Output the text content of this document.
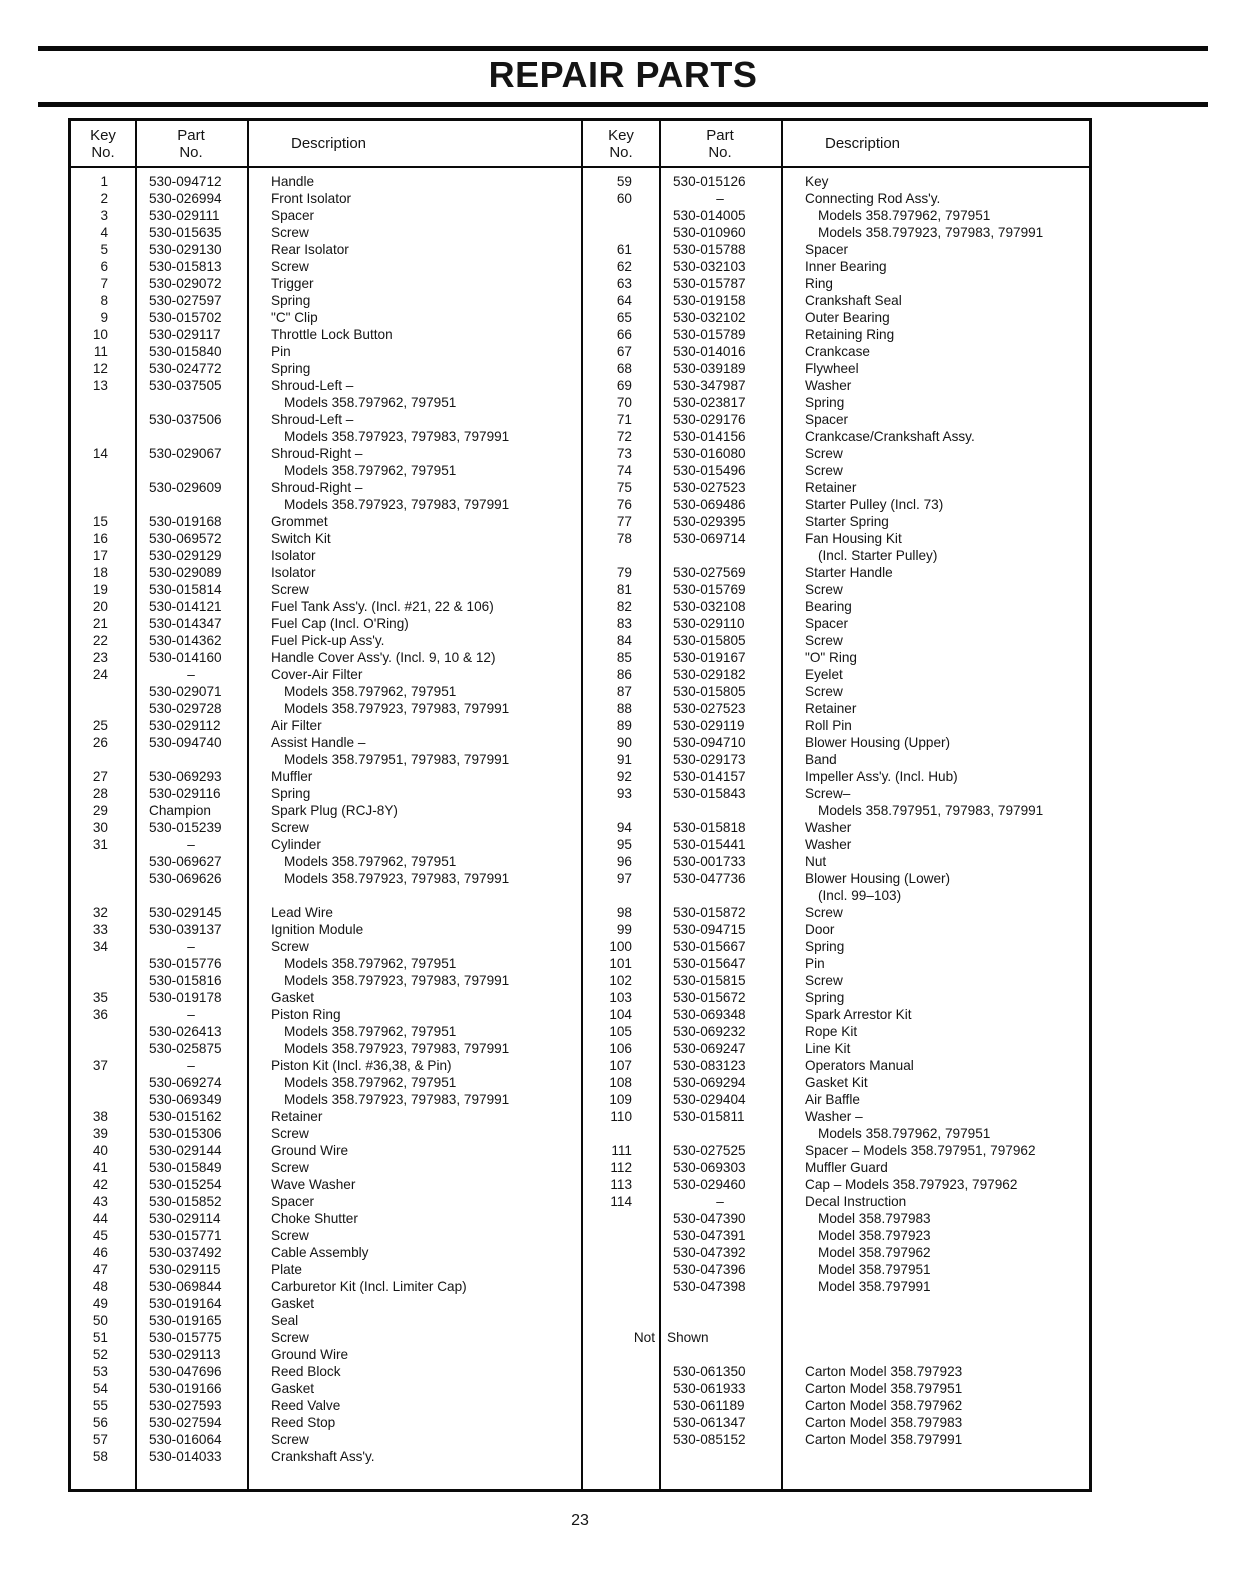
REPAIR PARTS
Key
No.
Part
No.	Description
1	530-094712	Handle
2	530-026994	Front Isolator
3	530-029111	Spacer
4	530-015635	Screw
5	530-029130	Rear Isolator
6	530-015813	Screw
7	530-029072	Trigger
8	530-027597	Spring
9	530-015702	"C" Clip
10	530-029117	Throttle Lock Button
11	530-015840	Pin
12	530-024772	Spring
13	530-037505	Shroud-Left –
Models 358.797962, 797951
530-037506	Shroud-Left –
Models 358.797923, 797983, 797991
14	530-029067	Shroud-Right –
Models 358.797962, 797951
530-029609	Shroud-Right –
Models 358.797923, 797983, 797991
15	530-019168	Grommet
16	530-069572	Switch Kit
17	530-029129	Isolator
18	530-029089	Isolator
19	530-015814	Screw
20	530-014121	Fuel Tank Ass'y. (Incl. #21, 22 & 106)
21	530-014347	Fuel Cap (Incl. O'Ring)
22	530-014362	Fuel Pick-up Ass'y.
23	530-014160	Handle Cover Ass'y. (Incl. 9, 10 & 12)
24	–	Cover-Air Filter
530-029071	Models 358.797962, 797951
530-029728	Models 358.797923, 797983, 797991
25	530-029112	Air Filter
26	530-094740	Assist Handle –
Models 358.797951, 797983, 797991
27	530-069293	Muffler
28	530-029116	Spring
29	Champion	Spark Plug (RCJ-8Y)
30	530-015239	Screw
31	–	Cylinder
530-069627	Models 358.797962, 797951
530-069626	Models 358.797923, 797983, 797991
32	530-029145	Lead Wire
33	530-039137	Ignition Module
34	–	Screw
530-015776	Models 358.797962, 797951
530-015816	Models 358.797923, 797983, 797991
35	530-019178	Gasket
36	–	Piston Ring
530-026413	Models 358.797962, 797951
530-025875	Models 358.797923, 797983, 797991
37	–	Piston Kit (Incl. #36,38, & Pin)
530-069274	Models 358.797962, 797951
530-069349	Models 358.797923, 797983, 797991
38	530-015162	Retainer
39	530-015306	Screw
40	530-029144	Ground Wire
41	530-015849	Screw
42	530-015254	Wave Washer
43	530-015852	Spacer
44	530-029114	Choke Shutter
45	530-015771	Screw
46	530-037492	Cable Assembly
47	530-029115	Plate
48	530-069844	Carburetor Kit (Incl. Limiter Cap)
49	530-019164	Gasket
50	530-019165	Seal
51	530-015775	Screw
52	530-029113	Ground Wire
53	530-047696	Reed Block
54	530-019166	Gasket
55	530-027593	Reed Valve
56	530-027594	Reed Stop
57	530-016064	Screw
58	530-014033	Crankshaft Ass'y.
Key
No.
Part
No.	Description
59	530-015126	Key
60	–	Connecting Rod Ass'y.
530-014005	Models 358.797962, 797951
530-010960	Models 358.797923, 797983, 797991
61	530-015788	Spacer
62	530-032103	Inner Bearing
63	530-015787	Ring
64	530-019158	Crankshaft Seal
65	530-032102	Outer Bearing
66	530-015789	Retaining Ring
67	530-014016	Crankcase
68	530-039189	Flywheel
69	530-347987	Washer
70	530-023817	Spring
71	530-029176	Spacer
72	530-014156	Crankcase/Crankshaft Assy.
73	530-016080	Screw
74	530-015496	Screw
75	530-027523	Retainer
76	530-069486	Starter Pulley (Incl. 73)
77	530-029395	Starter Spring
78	530-069714	Fan Housing Kit
(Incl. Starter Pulley)
79	530-027569	Starter Handle
81	530-015769	Screw
82	530-032108	Bearing
83	530-029110	Spacer
84	530-015805	Screw
85	530-019167	"O" Ring
86	530-029182	Eyelet
87	530-015805	Screw
88	530-027523	Retainer
89	530-029119	Roll Pin
90	530-094710	Blower Housing (Upper)
91	530-029173	Band
92	530-014157	Impeller Ass'y. (Incl. Hub)
93	530-015843	Screw–
Models 358.797951, 797983, 797991
94	530-015818	Washer
95	530-015441	Washer
96	530-001733	Nut
97	530-047736	Blower Housing (Lower)
(Incl. 99–103)
98	530-015872	Screw
99	530-094715	Door
100	530-015667	Spring
101	530-015647	Pin
102	530-015815	Screw
103	530-015672	Spring
104	530-069348	Spark Arrestor Kit
105	530-069232	Rope Kit
106	530-069247	Line Kit
107	530-083123	Operators Manual
108	530-069294	Gasket Kit
109	530-029404	Air Baffle
110	530-015811	Washer –
Models 358.797962, 797951
111	530-027525	Spacer – Models 358.797951, 797962
112	530-069303	Muffler Guard
113	530-029460	Cap – Models 358.797923, 797962
114	–	Decal Instruction
530-047390	Model 358.797983
530-047391	Model 358.797923
530-047392	Model 358.797962
530-047396	Model 358.797951
530-047398	Model 358.797991
Not Shown
530-061350	Carton Model 358.797923
530-061933	Carton Model 358.797951
530-061189	Carton Model 358.797962
530-061347	Carton Model 358.797983
530-085152	Carton Model 358.797991
23
